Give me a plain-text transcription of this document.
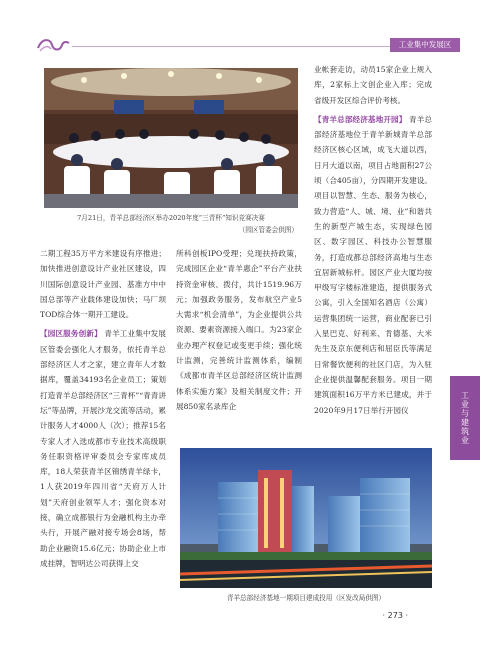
工业集中发展区
工业与建筑业
7月21日，青羊总部经济区举办2020年度“三青杯”知识竞赛决赛
（园区管委会供图）

业帐套走访，动员15家企业上规入库，2家标上文创企业入库；完成省级开发区综合评价考核。

【青羊总部经济基地开园】 青羊总部经济基地位于青羊新城青羊总部经济区核心区域，成飞大道以西，日月大道以南，项目占地面积27公顷（合405亩），分四期开发建设。项目以智慧、生态、服务为核心，致力营造“人、城、境、业”和谐共生的新型产城生态，实现绿色园区、数字园区、科技办公智慧服务，打造成都总部经济高地与生态宜居新城标杆。园区产业大厦均按甲级写字楼标准建造，提供服务式公寓，引入全国知名酒店（公寓）运营集团统一运营，商业配套已引入星巴克、好利来、肯德基、大米先生及京东便利店和屈臣氏等满足日常餐饮便利的社区门店，为入驻企业提供温馨配套服务。项目一期建筑面积16万平方米已建成，并于2020年9月17日举行开园仪

二期工程35万平方米建设有序推进；加快推进创意设计产业社区建设，四川国际创意设计产业园、基准方中中国总部等产业载体建设加快；马厂坝TOD综合体一期开工建设。

【园区服务创新】 青羊工业集中发展区管委会强化人才服务，依托青羊总部经济区人才之家，建立青年人才数据库，覆盖34193名企业员工；策划打造青羊总部经济区“三青杯”“青青讲坛”等品牌，开展沙龙交流等活动，累计服务人才4000人（次）；推荐15名专家人才入选成都市专业技术高级职务任职资格评审委员会专家库成员库，18人荣获青羊区锦绣青羊绿卡，1人获2019年四川省“天府万人计划”天府创业领军人才；强化资本对接，确立成都银行为金融机构主办牵头行，开展产融对接专场会8场，帮助企业融资15.6亿元；协助企业上市成挂牌，智明达公司获得上交

所科创板IPO受理；兑现扶持政策，完成园区企业“青羊惠企”平台产业扶持资金审核、拨付，共计1519.96万元；加强政务服务，发布航空产业5大需求“机会清单”，为企业提供公共资源、要素资源接入端口。为23家企业办理产权登记或变更手续；强化统计监测，完善统计监测体系，编制《成都市青羊区总部经济区统计监测体系实施方案》及相关制度文件；开展850家名录库企

青羊总部经济基地一期项目建成投用（区发改局供图）
· 273 ·
